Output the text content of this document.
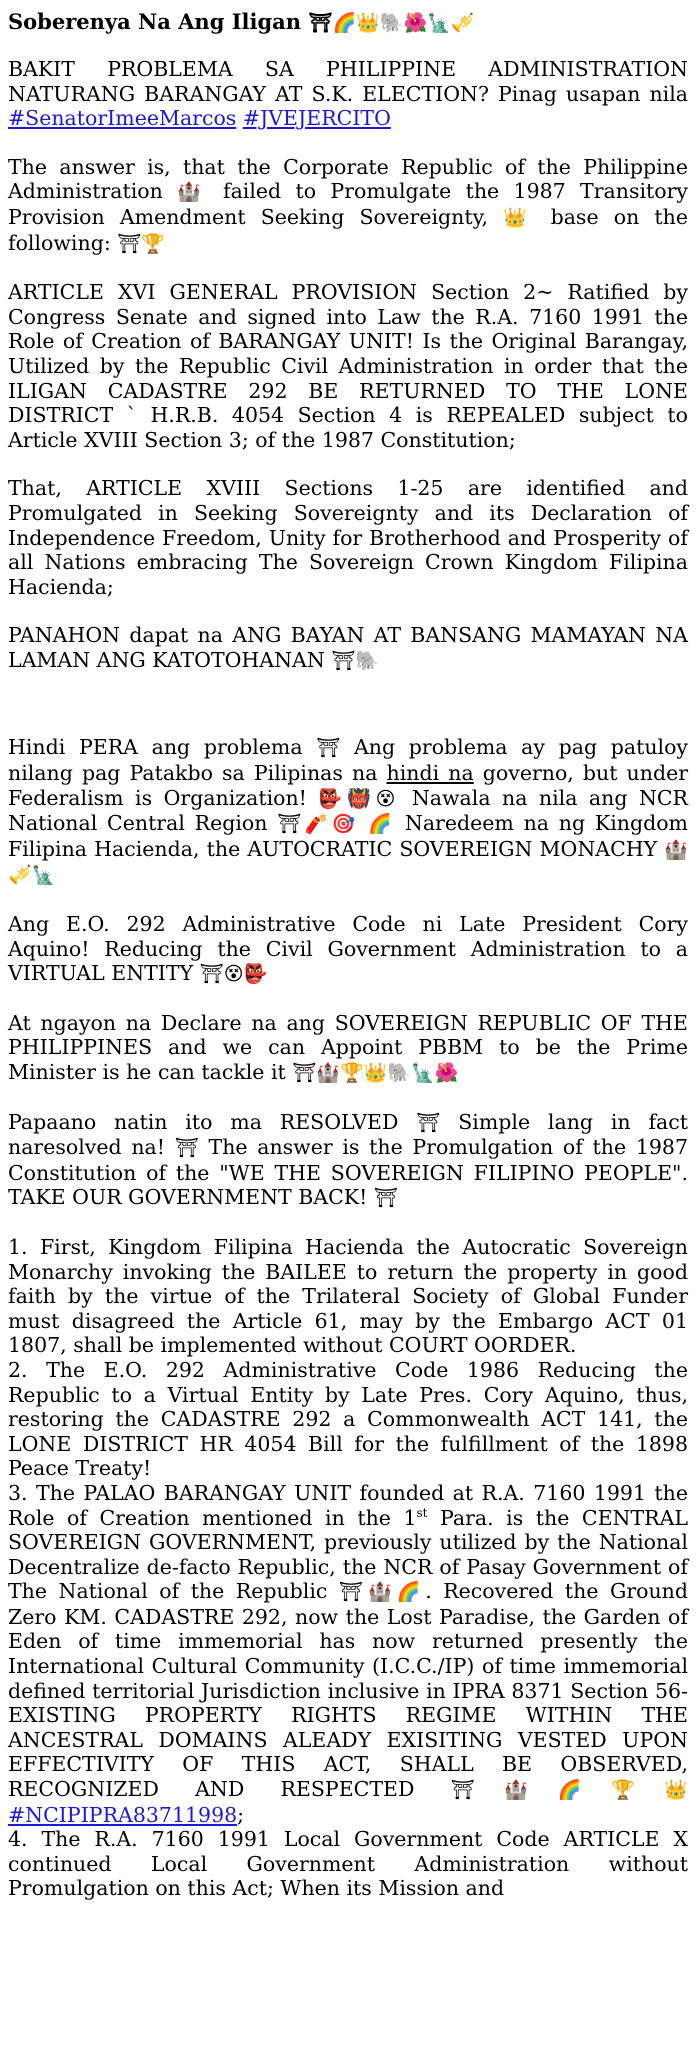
Soberenya Na Ang Iligan ⛩🌈👑🐘🌺🗽🎺
BAKIT PROBLEMA SA PHILIPPINE ADMINISTRATION NATURANG BARANGAY AT S.K. ELECTION? Pinag usapan nila #SenatorImeeMarcos #JVEJERCITO
The answer is, that the Corporate Republic of the Philippine Administration 🏰 failed to Promulgate the 1987 Transitory Provision Amendment Seeking Sovereignty, 👑 base on the following: ⛩🏆
ARTICLE XVI GENERAL PROVISION Section 2~ Ratified by Congress Senate and signed into Law the R.A. 7160 1991 the Role of Creation of BARANGAY UNIT! Is the Original Barangay, Utilized by the Republic Civil Administration in order that the ILIGAN CADASTRE 292 BE RETURNED TO THE LONE DISTRICT ` H.R.B. 4054 Section 4 is REPEALED subject to Article XVIII Section 3; of the 1987 Constitution;
That, ARTICLE XVIII Sections 1-25 are identified and Promulgated in Seeking Sovereignty and its Declaration of Independence Freedom, Unity for Brotherhood and Prosperity of all Nations embracing The Sovereign Crown Kingdom Filipina Hacienda;
PANAHON dapat na ANG BAYAN AT BANSANG MAMAYAN NA LAMAN ANG KATOTOHANAN ⛩🐘
Hindi PERA ang problema ⛩ Ang problema ay pag patuloy nilang pag Patakbo sa Pilipinas na hindi na governo, but under Federalism is Organization! 👺👹😵 Nawala na nila ang NCR National Central Region ⛩🧨🎯 🌈 Naredeem na ng Kingdom Filipina Hacienda, the AUTOCRATIC SOVEREIGN MONACHY 🏰🎺🗽
Ang E.O. 292 Administrative Code ni Late President Cory Aquino! Reducing the Civil Government Administration to a VIRTUAL ENTITY ⛩😵👺
At ngayon na Declare na ang SOVEREIGN REPUBLIC OF THE PHILIPPINES and we can Appoint PBBM to be the Prime Minister is he can tackle it ⛩🏰🏆👑🐘🗽🌺
Papaano natin ito ma RESOLVED ⛩ Simple lang in fact naresolved na! ⛩ The answer is the Promulgation of the 1987 Constitution of the "WE THE SOVEREIGN FILIPINO PEOPLE". TAKE OUR GOVERNMENT BACK! ⛩
1. First, Kingdom Filipina Hacienda the Autocratic Sovereign Monarchy invoking the BAILEE to return the property in good faith by the virtue of the Trilateral Society of Global Funder must disagreed the Article 61, may by the Embargo ACT 01 1807, shall be implemented without COURT OORDER.
2. The E.O. 292 Administrative Code 1986 Reducing the Republic to a Virtual Entity by Late Pres. Cory Aquino, thus, restoring the CADASTRE 292 a Commonwealth ACT 141, the LONE DISTRICT HR 4054 Bill for the fulfillment of the 1898 Peace Treaty!
3. The PALAO BARANGAY UNIT founded at R.A. 7160 1991 the Role of Creation mentioned in the 1st Para. is the CENTRAL SOVEREIGN GOVERNMENT, previously utilized by the National Decentralize de-facto Republic, the NCR of Pasay Government of The National of the Republic ⛩🏰🌈. Recovered the Ground Zero KM. CADASTRE 292, now the Lost Paradise, the Garden of Eden of time immemorial has now returned presently the International Cultural Community (I.C.C./IP) of time immemorial defined territorial Jurisdiction inclusive in IPRA 8371 Section 56- EXISTING PROPERTY RIGHTS REGIME WITHIN THE ANCESTRAL DOMAINS ALEADY EXISITING VESTED UPON EFFECTIVITY OF THIS ACT, SHALL BE OBSERVED, RECOGNIZED AND RESPECTED ⛩🏰🌈🏆👑 #NCIPIPRA83711998;
4. The R.A. 7160 1991 Local Government Code ARTICLE X continued Local Government Administration without Promulgation on this Act; When its Mission and
